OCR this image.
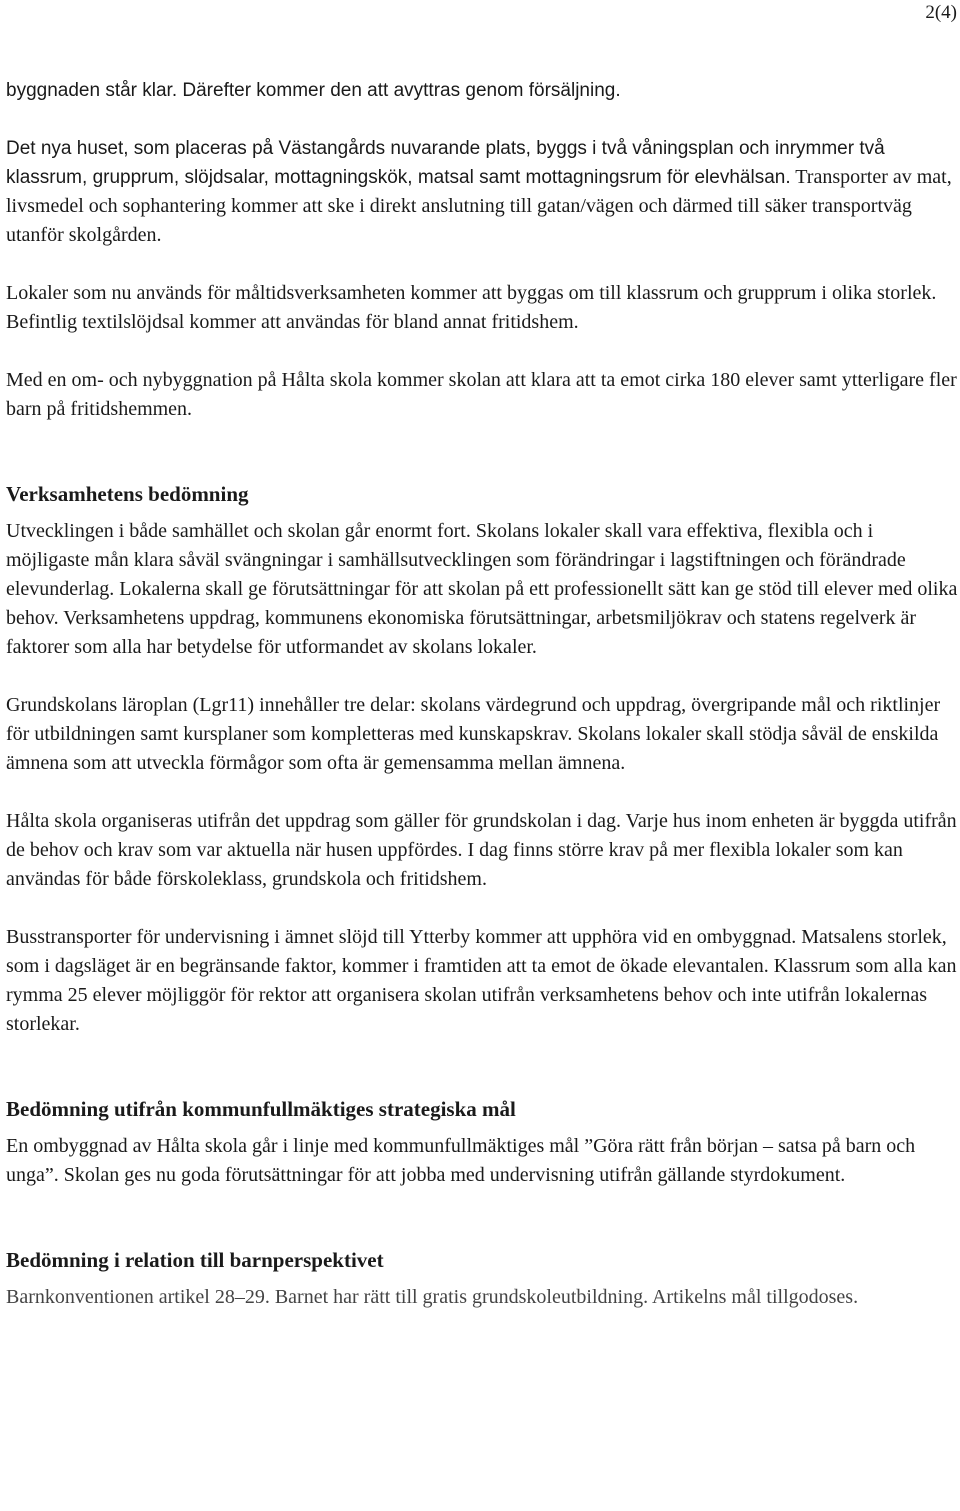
2(4)

byggnaden står klar. Därefter kommer den att avyttras genom försäljning.

Det nya huset, som placeras på Västangårds nuvarande plats, byggs i två våningsplan och inrymmer två klassrum, grupprum, slöjdsalar, mottagningskök, matsal samt mottagningsrum för elevhälsan. Transporter av mat, livsmedel och sophantering kommer att ske i direkt anslutning till gatan/vägen och därmed till säker transportväg utanför skolgården.

Lokaler som nu används för måltidsverksamheten kommer att byggas om till klassrum och grupprum i olika storlek. Befintlig textilslöjdsal kommer att användas för bland annat fritidshem.

Med en om- och nybyggnation på Hålta skola kommer skolan att klara att ta emot cirka 180 elever samt ytterligare fler barn på fritidshemmen.

Verksamhetens bedömning

Utvecklingen i både samhället och skolan går enormt fort. Skolans lokaler skall vara effektiva, flexibla och i möjligaste mån klara såväl svängningar i samhällsutvecklingen som förändringar i lagstiftningen och förändrade elevunderlag. Lokalerna skall ge förutsättningar för att skolan på ett professionellt sätt kan ge stöd till elever med olika behov. Verksamhetens uppdrag, kommunens ekonomiska förutsättningar, arbetsmiljökrav och statens regelverk är faktorer som alla har betydelse för utformandet av skolans lokaler.

Grundskolans läroplan (Lgr11) innehåller tre delar: skolans värdegrund och uppdrag, övergripande mål och riktlinjer för utbildningen samt kursplaner som kompletteras med kunskapskrav. Skolans lokaler skall stödja såväl de enskilda ämnena som att utveckla förmågor som ofta är gemensamma mellan ämnena.

Hålta skola organiseras utifrån det uppdrag som gäller för grundskolan i dag. Varje hus inom enheten är byggda utifrån de behov och krav som var aktuella när husen uppfördes. I dag finns större krav på mer flexibla lokaler som kan användas för både förskoleklass, grundskola och fritidshem.

Busstransporter för undervisning i ämnet slöjd till Ytterby kommer att upphöra vid en ombyggnad. Matsalens storlek, som i dagsläget är en begränsande faktor, kommer i framtiden att ta emot de ökade elevantalen. Klassrum som alla kan rymma 25 elever möjliggör för rektor att organisera skolan utifrån verksamhetens behov och inte utifrån lokalernas storlekar.

Bedömning utifrån kommunfullmäktiges strategiska mål

En ombyggnad av Hålta skola går i linje med kommunfullmäktiges mål ”Göra rätt från början – satsa på barn och unga”. Skolan ges nu goda förutsättningar för att jobba med undervisning utifrån gällande styrdokument.

Bedömning i relation till barnperspektivet

Barnkonventionen artikel 28–29. Barnet har rätt till gratis grundskoleutbildning. Artikelns mål tillgodoses.
